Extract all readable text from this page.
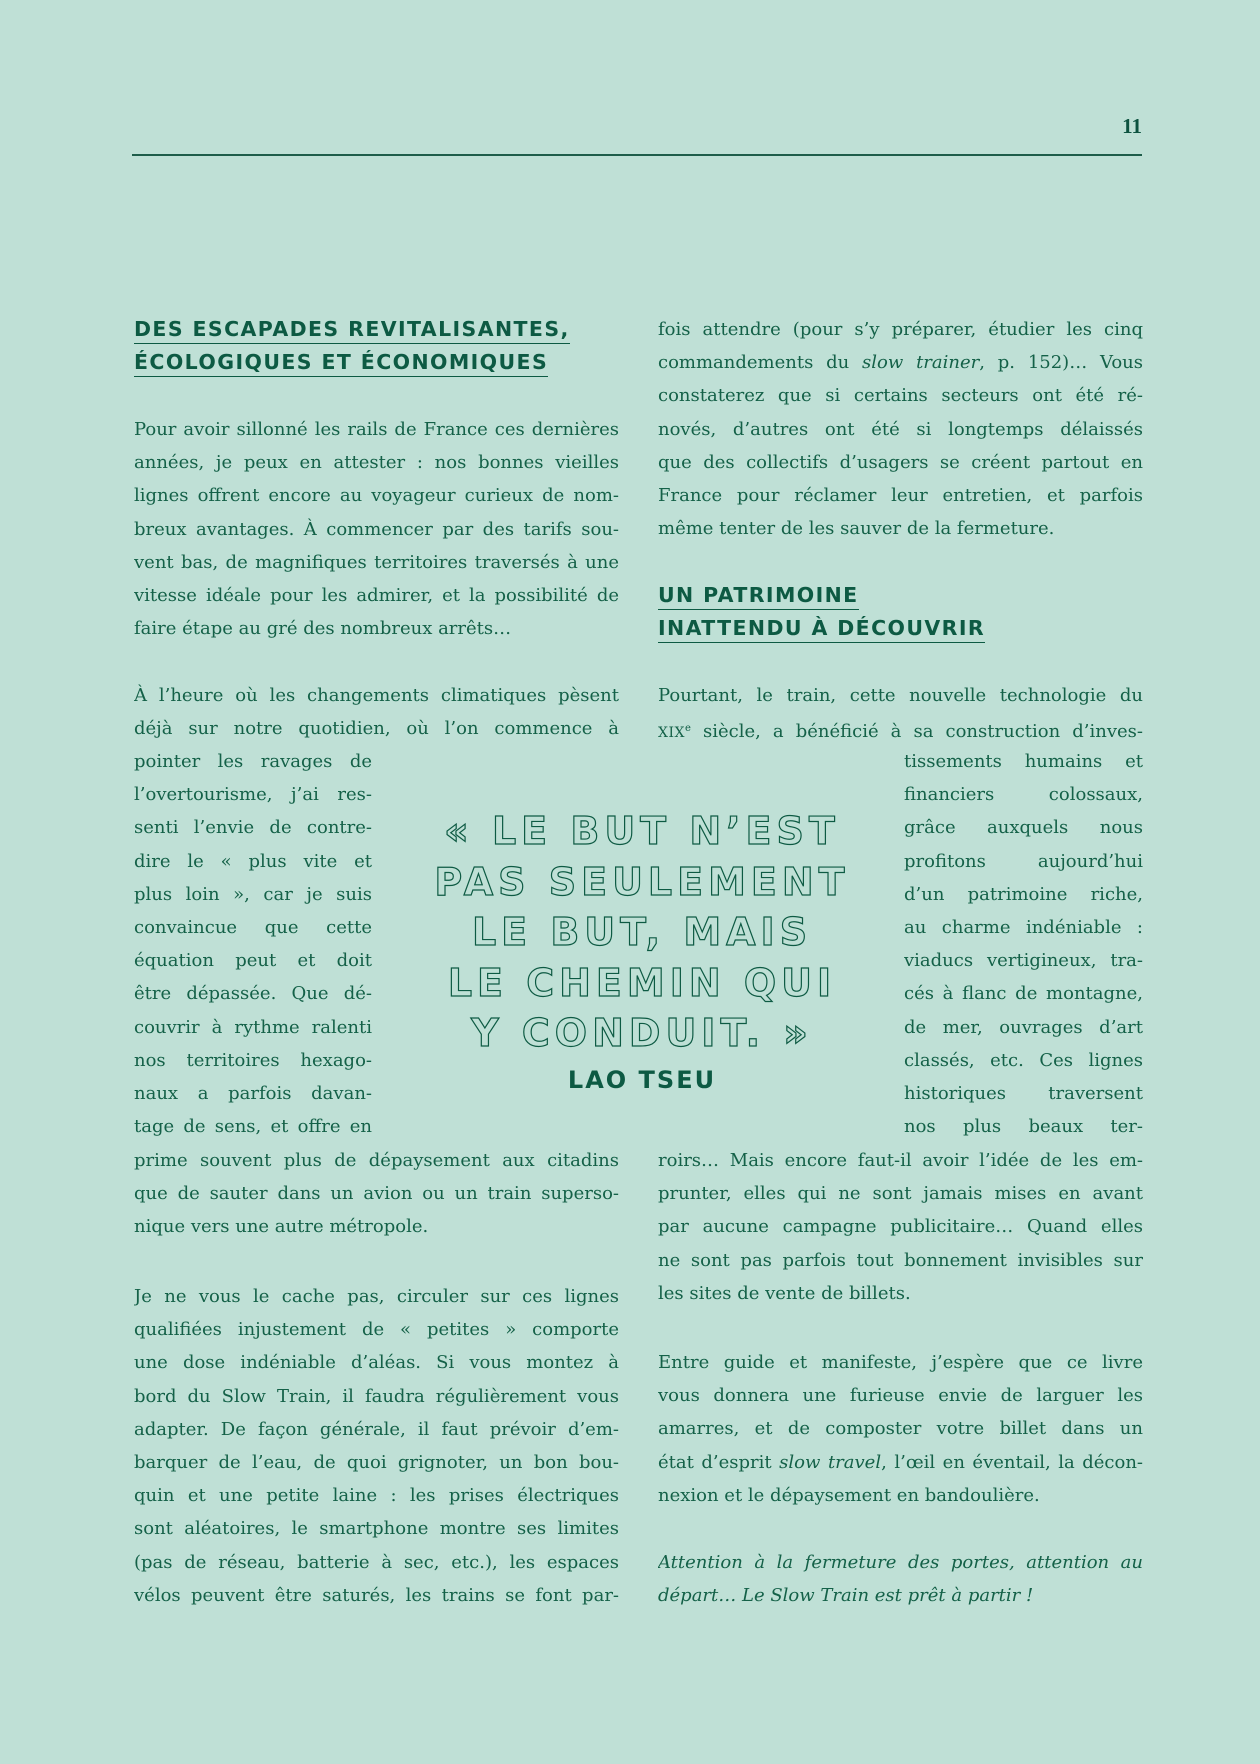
11
DES ESCAPADES REVITALISANTES,
ÉCOLOGIQUES ET ÉCONOMIQUES
Pour avoir sillonné les rails de France ces dernières
années, je peux en attester : nos bonnes vieilles
lignes offrent encore au voyageur curieux de nom-
breux avantages. À commencer par des tarifs sou-
vent bas, de magnifiques territoires traversés à une
vitesse idéale pour les admirer, et la possibilité de
faire étape au gré des nombreux arrêts…
À l’heure où les changements climatiques pèsent
déjà sur notre quotidien, où l’on commence à
pointer les ravages de
l’overtourisme, j’ai res-
senti l’envie de contre-
dire le « plus vite et
plus loin », car je suis
convaincue que cette
équation peut et doit
être dépassée. Que dé-
couvrir à rythme ralenti
nos territoires hexago-
naux a parfois davan-
tage de sens, et offre en
prime souvent plus de dépaysement aux citadins
que de sauter dans un avion ou un train superso-
nique vers une autre métropole.
Je ne vous le cache pas, circuler sur ces lignes
qualifiées injustement de « petites » comporte
une dose indéniable d’aléas. Si vous montez à
bord du Slow Train, il faudra régulièrement vous
adapter. De façon générale, il faut prévoir d’em-
barquer de l’eau, de quoi grignoter, un bon bou-
quin et une petite laine : les prises électriques
sont aléatoires, le smartphone montre ses limites
(pas de réseau, batterie à sec, etc.), les espaces
vélos peuvent être saturés, les trains se font par-
fois attendre (pour s’y préparer, étudier les cinq
commandements du slow trainer, p. 152)… Vous
constaterez que si certains secteurs ont été ré-
novés, d’autres ont été si longtemps délaissés
que des collectifs d’usagers se créent partout en
France pour réclamer leur entretien, et parfois
même tenter de les sauver de la fermeture.
UN PATRIMOINE
INATTENDU À DÉCOUVRIR
Pourtant, le train, cette nouvelle technologie du
XIXe siècle, a bénéficié à sa construction d’inves-
tissements humains et
financiers colossaux,
grâce auxquels nous
profitons aujourd’hui
d’un patrimoine riche,
au charme indéniable :
viaducs vertigineux, tra-
cés à flanc de montagne,
de mer, ouvrages d’art
classés, etc. Ces lignes
historiques traversent
nos plus beaux ter-
roirs… Mais encore faut-il avoir l’idée de les em-
prunter, elles qui ne sont jamais mises en avant
par aucune campagne publicitaire… Quand elles
ne sont pas parfois tout bonnement invisibles sur
les sites de vente de billets.
Entre guide et manifeste, j’espère que ce livre
vous donnera une furieuse envie de larguer les
amarres, et de composter votre billet dans un
état d’esprit slow travel, l’œil en éventail, la décon-
nexion et le dépaysement en bandoulière.
Attention à la fermeture des portes, attention au
départ… Le Slow Train est prêt à partir !
« LE BUT N’EST
PAS SEULEMENT
LE BUT, MAIS
LE CHEMIN QUI
Y CONDUIT. »
LAO TSEU
